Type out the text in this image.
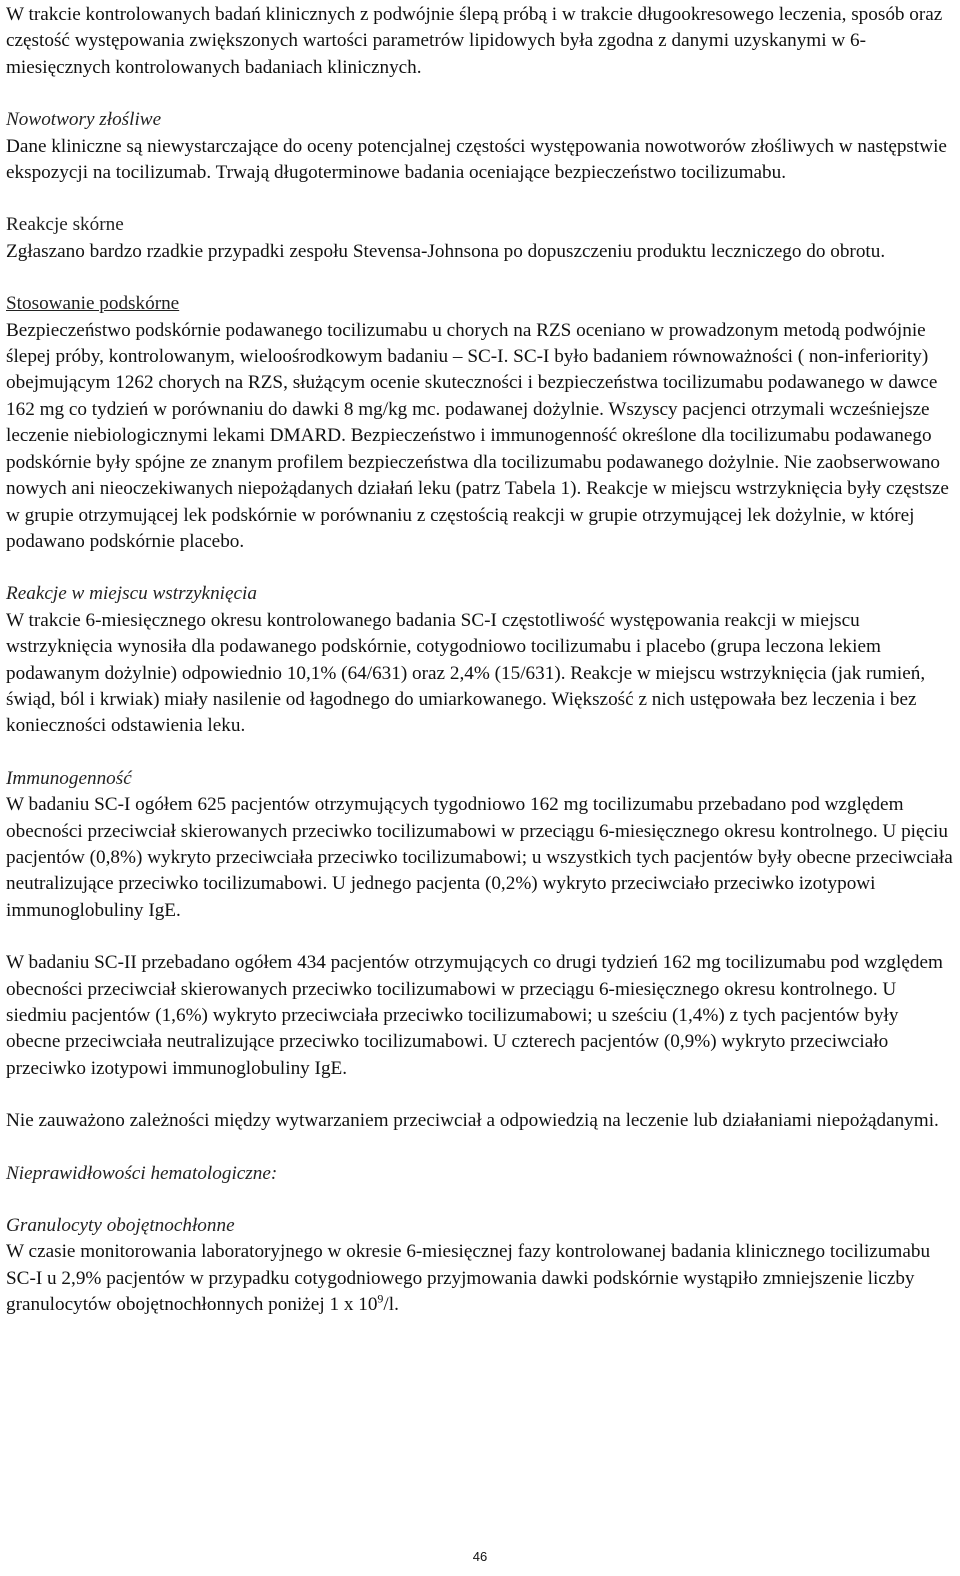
W trakcie kontrolowanych badań klinicznych z podwójnie ślepą próbą i w trakcie długookresowego leczenia, sposób oraz częstość występowania zwiększonych wartości parametrów lipidowych była zgodna z danymi uzyskanymi w 6-miesięcznych kontrolowanych badaniach klinicznych.

Nowotwory złośliwe

Dane kliniczne są niewystarczające do oceny potencjalnej częstości występowania nowotworów złośliwych w następstwie ekspozycji na tocilizumab. Trwają długoterminowe badania oceniające bezpieczeństwo tocilizumabu.

Reakcje skórne

Zgłaszano bardzo rzadkie przypadki zespołu Stevensa-Johnsona po dopuszczeniu produktu leczniczego do obrotu.

Stosowanie podskórne

Bezpieczeństwo podskórnie podawanego tocilizumabu u chorych na RZS oceniano w prowadzonym metodą podwójnie ślepej próby, kontrolowanym, wieloośrodkowym badaniu – SC-I. SC-I było badaniem równoważności ( non-inferiority) obejmującym 1262 chorych na RZS, służącym ocenie skuteczności i bezpieczeństwa tocilizumabu podawanego w dawce 162 mg co tydzień w porównaniu do dawki 8 mg/kg mc. podawanej dożylnie. Wszyscy pacjenci otrzymali wcześniejsze leczenie niebiologicznymi lekami DMARD. Bezpieczeństwo i immunogenność określone dla tocilizumabu podawanego podskórnie były spójne ze znanym profilem bezpieczeństwa dla tocilizumabu podawanego dożylnie. Nie zaobserwowano nowych ani nieoczekiwanych niepożądanych działań leku (patrz Tabela 1). Reakcje w miejscu wstrzyknięcia były częstsze w grupie otrzymującej lek podskórnie w porównaniu z częstością reakcji w grupie otrzymującej lek dożylnie, w której podawano podskórnie placebo.

Reakcje w miejscu wstrzyknięcia

W trakcie 6-miesięcznego okresu kontrolowanego badania SC-I częstotliwość występowania reakcji w miejscu wstrzyknięcia wynosiła dla podawanego podskórnie, cotygodniowo tocilizumabu i placebo (grupa leczona lekiem podawanym dożylnie) odpowiednio 10,1% (64/631) oraz 2,4% (15/631). Reakcje w miejscu wstrzyknięcia (jak rumień, świąd, ból i krwiak) miały nasilenie od łagodnego do umiarkowanego. Większość z nich ustępowała bez leczenia i bez konieczności odstawienia leku.

Immunogenność

W badaniu SC-I ogółem 625 pacjentów otrzymujących tygodniowo 162 mg tocilizumabu przebadano pod względem obecności przeciwciał skierowanych przeciwko tocilizumabowi w przeciągu 6-miesięcznego okresu kontrolnego. U pięciu pacjentów (0,8%) wykryto przeciwciała przeciwko tocilizumabowi; u wszystkich tych pacjentów były obecne przeciwciała neutralizujące przeciwko tocilizumabowi. U jednego pacjenta (0,2%) wykryto przeciwciało przeciwko izotypowi immunoglobuliny IgE.

W badaniu SC-II przebadano ogółem 434 pacjentów otrzymujących co drugi tydzień 162 mg tocilizumabu pod względem obecności przeciwciał skierowanych przeciwko tocilizumabowi w przeciągu 6-miesięcznego okresu kontrolnego. U siedmiu pacjentów (1,6%) wykryto przeciwciała przeciwko tocilizumabowi; u sześciu (1,4%) z tych pacjentów były obecne przeciwciała neutralizujące przeciwko tocilizumabowi. U czterech pacjentów (0,9%) wykryto przeciwciało przeciwko izotypowi immunoglobuliny IgE.

Nie zauważono zależności między wytwarzaniem przeciwciał a odpowiedzią na leczenie lub działaniami niepożądanymi.

Nieprawidłowości hematologiczne:
Granulocyty obojętnochłonne

W czasie monitorowania laboratoryjnego w okresie 6-miesięcznej fazy kontrolowanej badania klinicznego tocilizumabu SC-I u 2,9% pacjentów w przypadku cotygodniowego przyjmowania dawki podskórnie wystąpiło zmniejszenie liczby granulocytów obojętnochłonnych poniżej 1 x $10^9/l$.

46
